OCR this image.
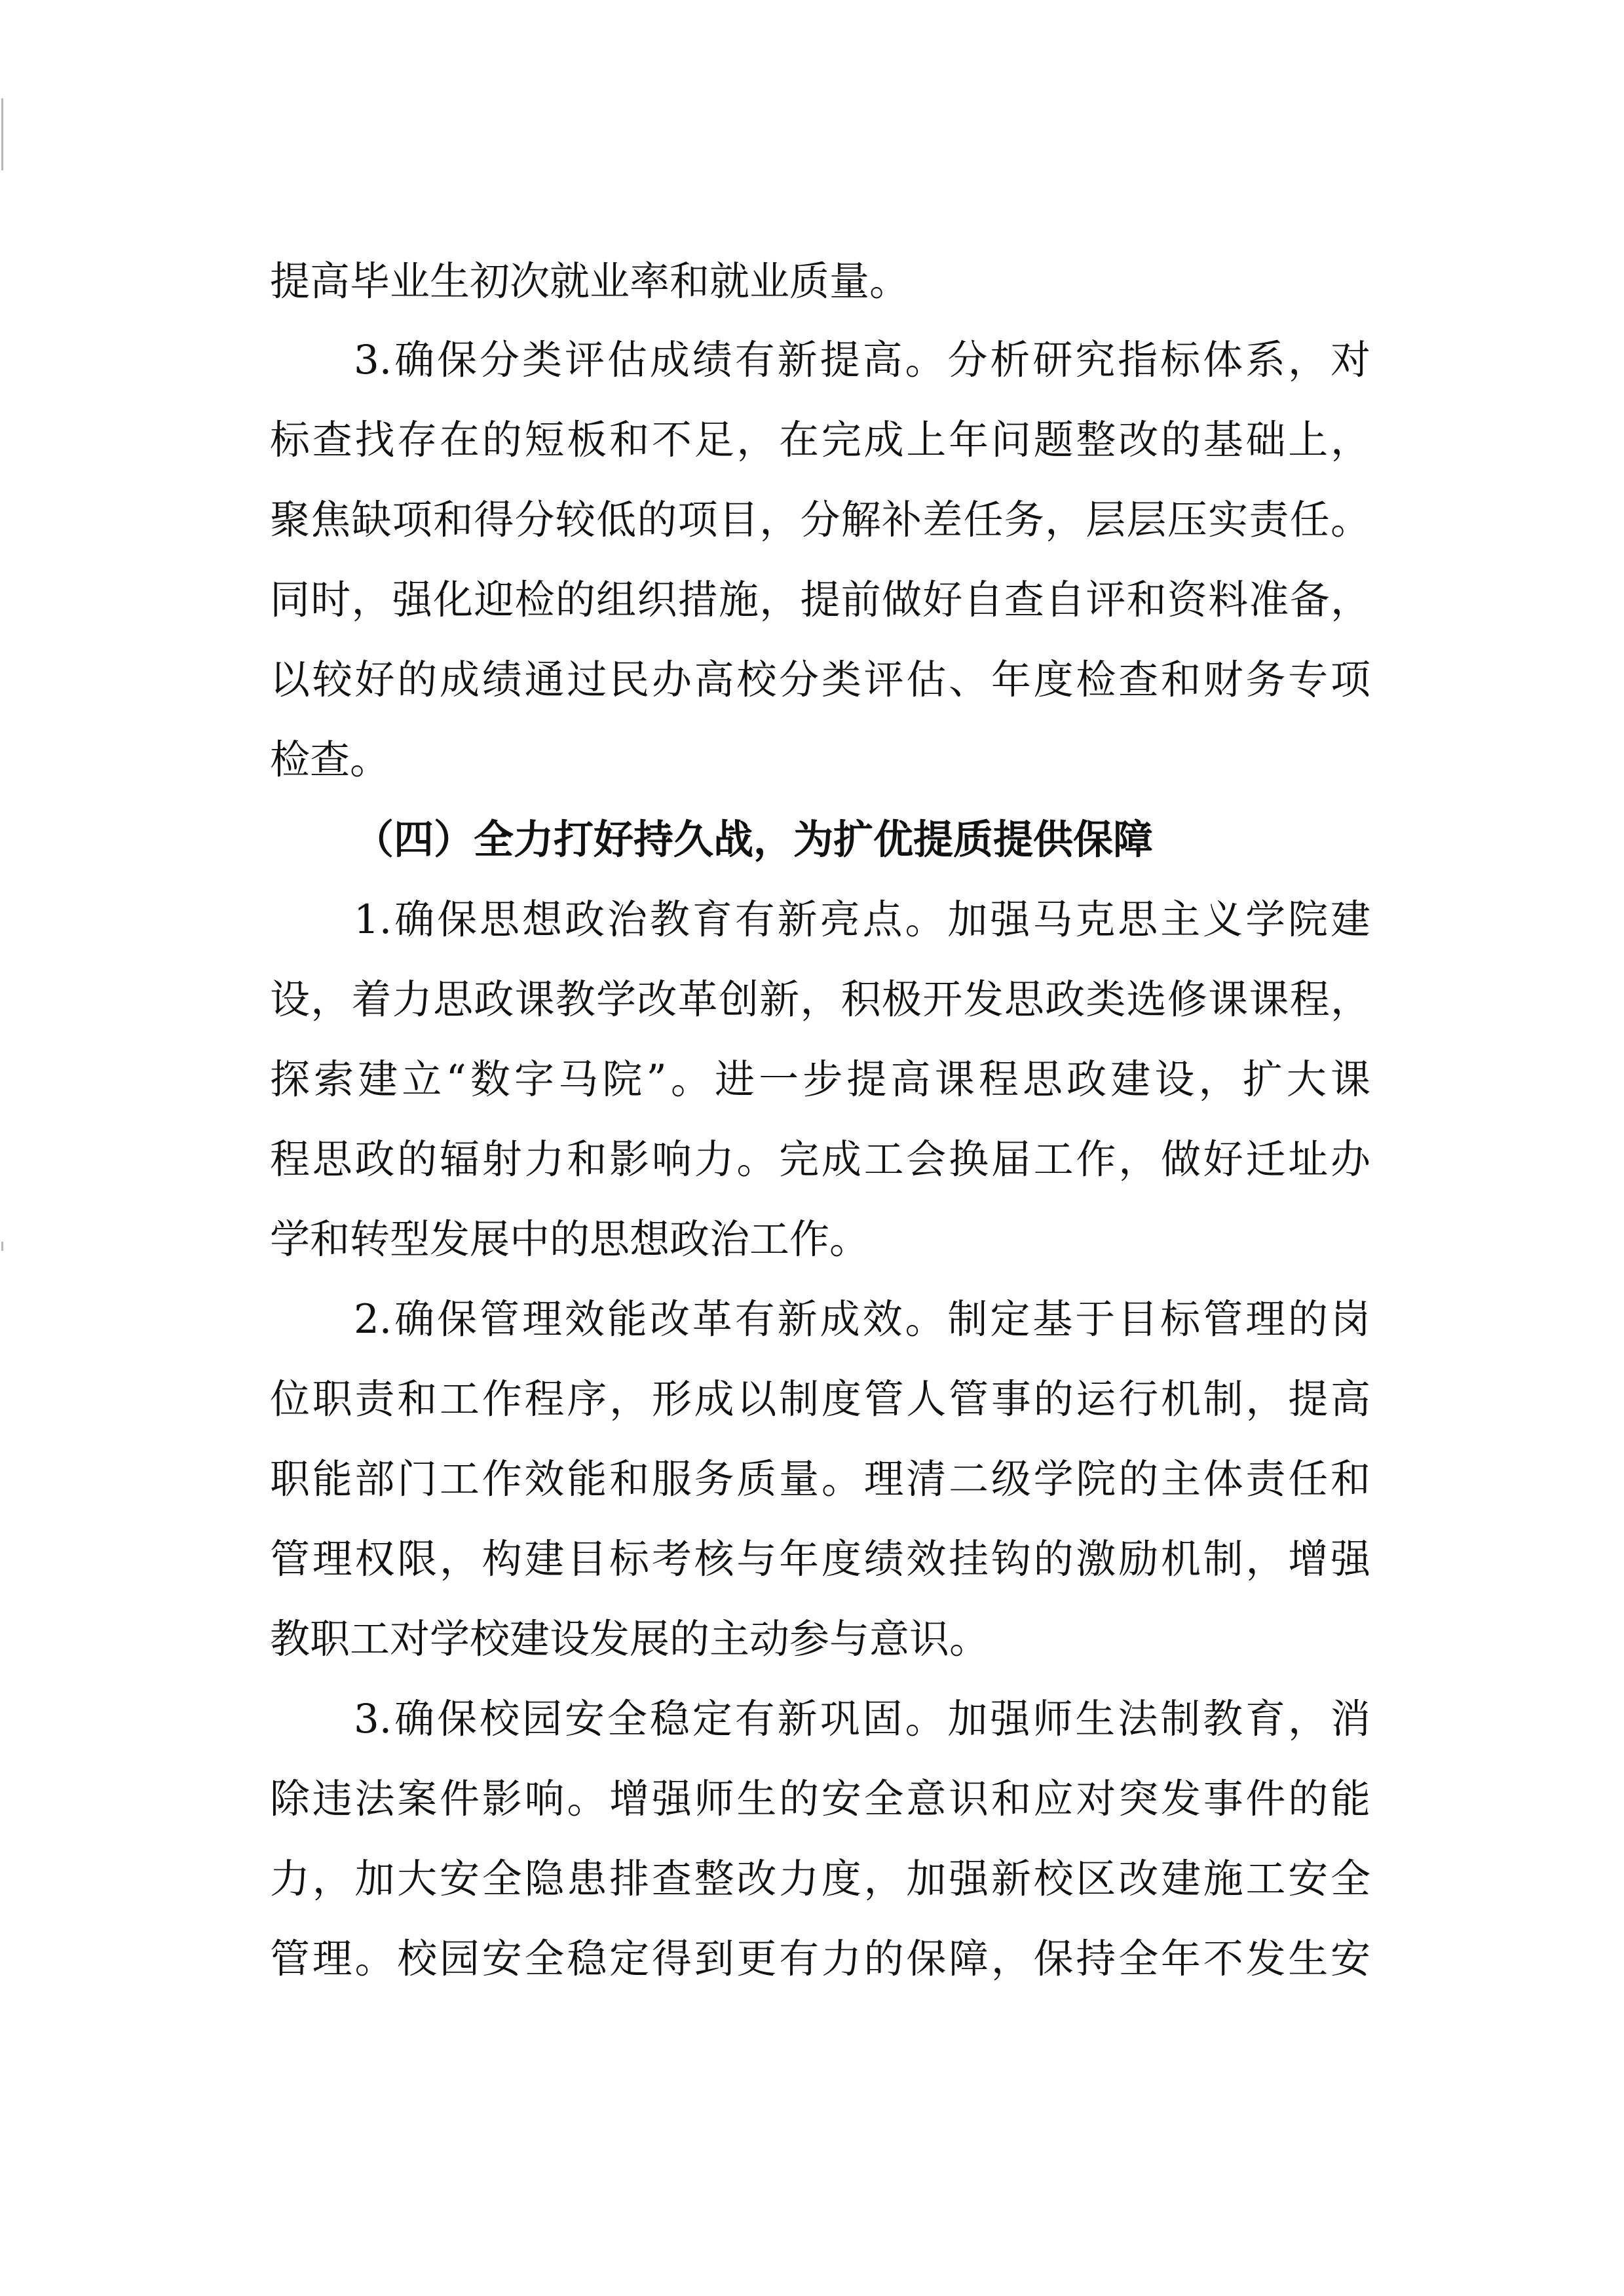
提高毕业生初次就业率和就业质量。
3.确保分类评估成绩有新提高。分析研究指标体系，对
标查找存在的短板和不足，在完成上年问题整改的基础上，
聚焦缺项和得分较低的项目，分解补差任务，层层压实责任。
同时，强化迎检的组织措施，提前做好自查自评和资料准备，
以较好的成绩通过民办高校分类评估、年度检查和财务专项
检查。
（四）全力打好持久战，为扩优提质提供保障
1.确保思想政治教育有新亮点。加强马克思主义学院建
设，着力思政课教学改革创新，积极开发思政类选修课课程，
探索建立“数字马院”。进一步提高课程思政建设，扩大课
程思政的辐射力和影响力。完成工会换届工作，做好迁址办
学和转型发展中的思想政治工作。
2.确保管理效能改革有新成效。制定基于目标管理的岗
位职责和工作程序，形成以制度管人管事的运行机制，提高
职能部门工作效能和服务质量。理清二级学院的主体责任和
管理权限，构建目标考核与年度绩效挂钩的激励机制，增强
教职工对学校建设发展的主动参与意识。
3.确保校园安全稳定有新巩固。加强师生法制教育，消
除违法案件影响。增强师生的安全意识和应对突发事件的能
力，加大安全隐患排查整改力度，加强新校区改建施工安全
管理。校园安全稳定得到更有力的保障，保持全年不发生安
